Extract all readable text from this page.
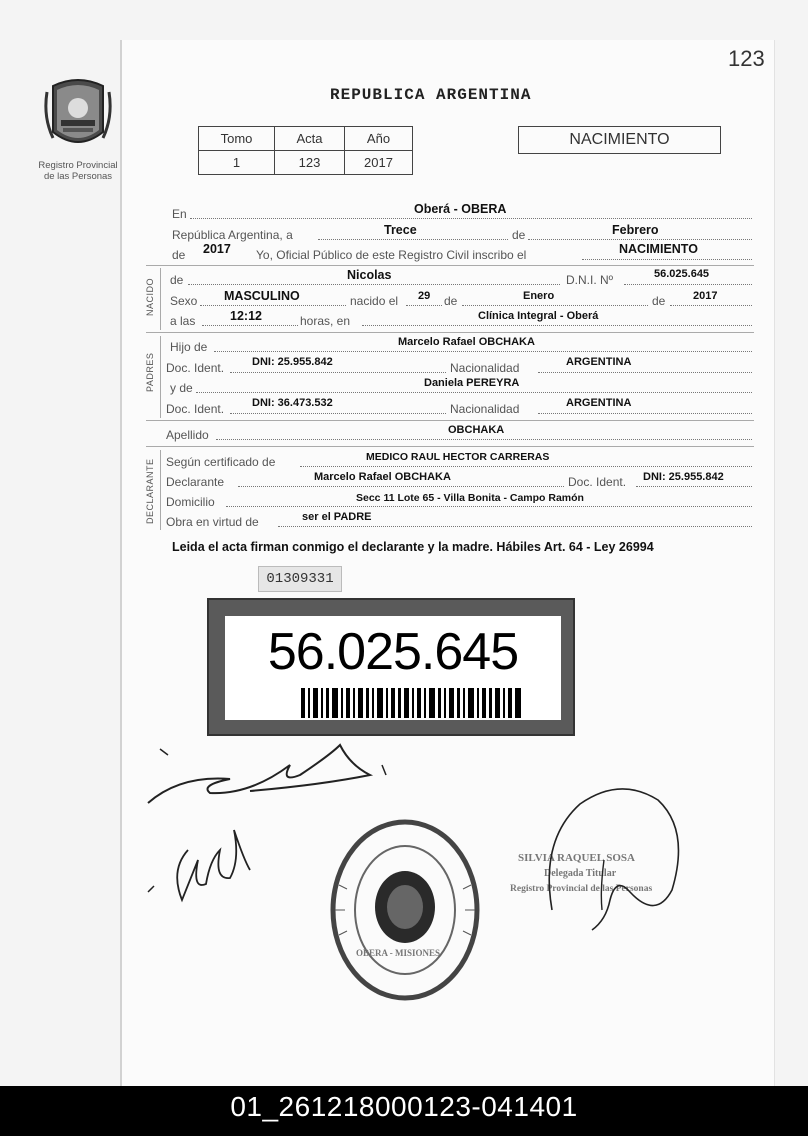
123
Registro Provincial
de las Personas
REPUBLICA ARGENTINA
Tomo	Acta	Año
1	123	2017
NACIMIENTO
En	Oberá - OBERA
República Argentina, a	Trece	de	Febrero
de 2017 Yo, Oficial Público de este Registro Civil inscribo el	NACIMIENTO
NACIDO de	Nicolas	D.N.I. Nº	56.025.645
Sexo MASCULINO	nacido el 29 de	Enero	de	2017
a las	12:12	horas, en	Clínica Integral - Oberá
PADRES
Hijo de	Marcelo Rafael OBCHAKA
Doc. Ident.	DNI: 25.955.842	Nacionalidad	ARGENTINA
y de	Daniela PEREYRA
Doc. Ident.	DNI: 36.473.532	Nacionalidad	ARGENTINA
Apellido	OBCHAKA
DECLARANTE Según certificado de	MEDICO RAUL HECTOR CARRERAS
Declarante	Marcelo Rafael OBCHAKA	Doc. Ident. DNI: 25.955.842
Domicilio	Secc 11 Lote 65 - Villa Bonita - Campo Ramón
Obra en virtud de	ser el PADRE
Leida el acta firman conmigo el declarante y la madre. Hábiles Art. 64 - Ley 26994
01309331
56.025.645
OBERA - MISIONES
SILVIA RAQUEL SOSA
Delegada Titular
Registro Provincial de las Personas
01_261218000123-041401
